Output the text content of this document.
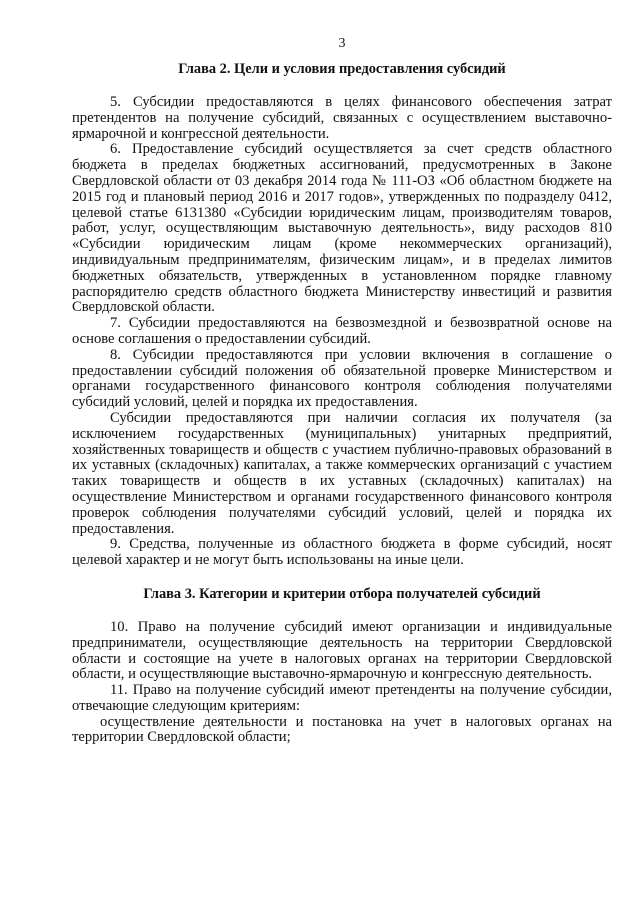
3
Глава 2. Цели и условия предоставления субсидий

5. Субсидии предоставляются в целях финансового обеспечения затрат претендентов на получение субсидий, связанных с осуществлением выставочно-ярмарочной и конгрессной деятельности.

6. Предоставление субсидий осуществляется за счет средств областного бюджета в пределах бюджетных ассигнований, предусмотренных в Законе Свердловской области от 03 декабря 2014 года № 111-ОЗ «Об областном бюджете на 2015 год и плановый период 2016 и 2017 годов», утвержденных по подразделу 0412, целевой статье 6131380 «Субсидии юридическим лицам, производителям товаров, работ, услуг, осуществляющим выставочную деятельность», виду расходов 810 «Субсидии юридическим лицам (кроме некоммерческих организаций), индивидуальным предпринимателям, физическим лицам», и в пределах лимитов бюджетных обязательств, утвержденных в установленном порядке главному распорядителю средств областного бюджета Министерству инвестиций и развития Свердловской области.

7. Субсидии предоставляются на безвозмездной и безвозвратной основе на основе соглашения о предоставлении субсидий.

8. Субсидии предоставляются при условии включения в соглашение о предоставлении субсидий положения об обязательной проверке Министерством и органами государственного финансового контроля соблюдения получателями субсидий условий, целей и порядка их предоставления.

Субсидии предоставляются при наличии согласия их получателя (за исключением государственных (муниципальных) унитарных предприятий, хозяйственных товариществ и обществ с участием публично-правовых образований в их уставных (складочных) капиталах, а также коммерческих организаций с участием таких товариществ и обществ в их уставных (складочных) капиталах) на осуществление Министерством и органами государственного финансового контроля проверок соблюдения получателями субсидий условий, целей и порядка их предоставления.

9. Средства, полученные из областного бюджета в форме субсидий, носят целевой характер и не могут быть использованы на иные цели.

Глава 3. Категории и критерии отбора получателей субсидий

10. Право на получение субсидий имеют организации и индивидуальные предприниматели, осуществляющие деятельность на территории Свердловской области и состоящие на учете в налоговых органах на территории Свердловской области, и осуществляющие выставочно-ярмарочную и конгрессную деятельность.

11. Право на получение субсидий имеют претенденты на получение субсидии, отвечающие следующим критериям:

осуществление деятельности и постановка на учет в налоговых органах на территории Свердловской области;
